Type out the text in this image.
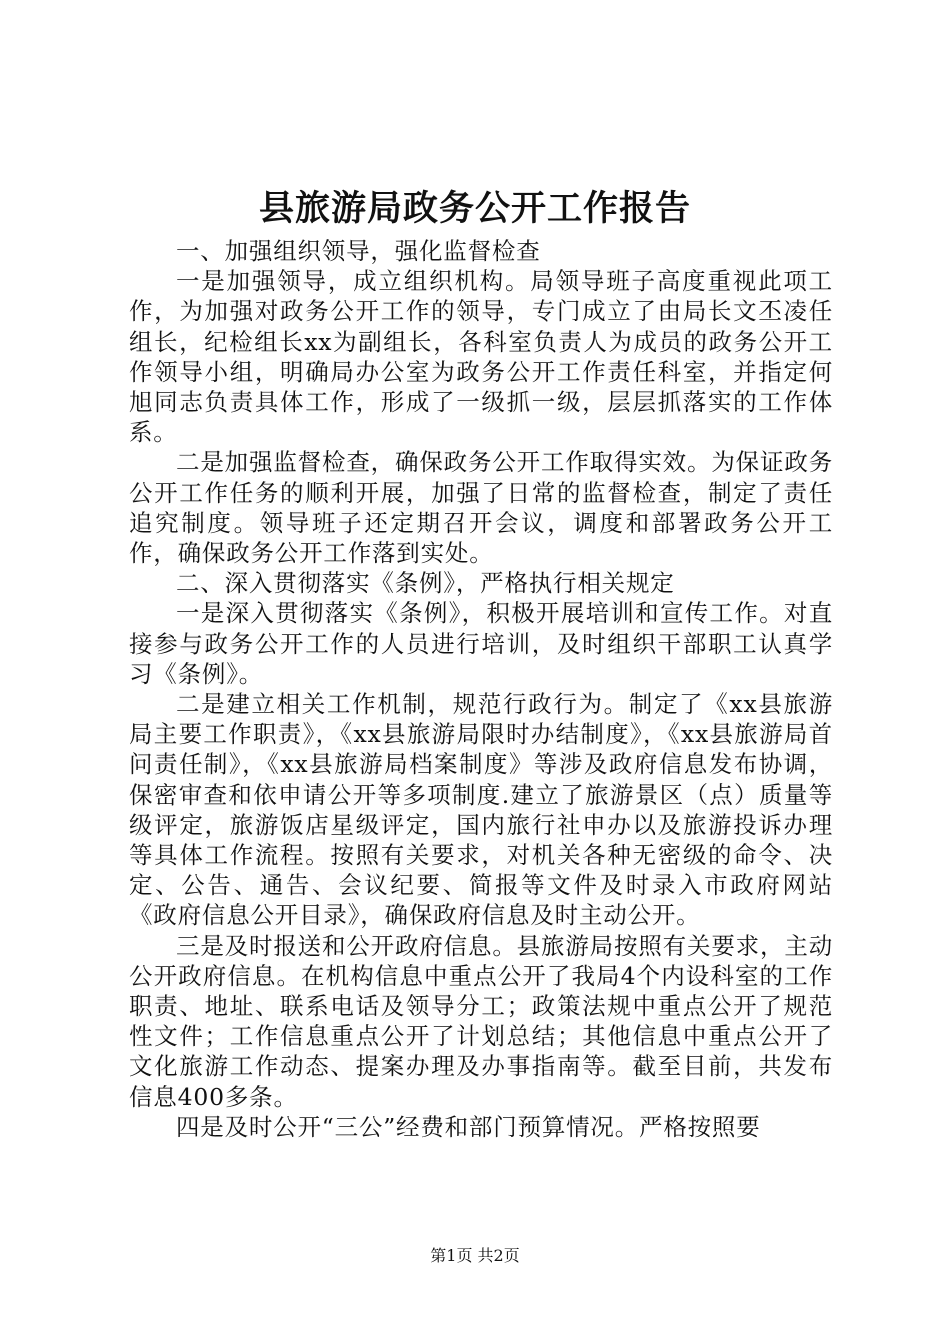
县旅游局政务公开工作报告

一、加强组织领导，强化监督检查

一是加强领导，成立组织机构。局领导班子高度重视此项工作，为加强对政务公开工作的领导，专门成立了由局长文丕凌任组长，纪检组长xx为副组长，各科室负责人为成员的政务公开工作领导小组，明确局办公室为政务公开工作责任科室，并指定何旭同志负责具体工作，形成了一级抓一级，层层抓落实的工作体系。

二是加强监督检查，确保政务公开工作取得实效。为保证政务公开工作任务的顺利开展，加强了日常的监督检查，制定了责任追究制度。领导班子还定期召开会议，调度和部署政务公开工作，确保政务公开工作落到实处。

二、深入贯彻落实《条例》，严格执行相关规定

一是深入贯彻落实《条例》，积极开展培训和宣传工作。对直接参与政务公开工作的人员进行培训，及时组织干部职工认真学习《条例》。

二是建立相关工作机制，规范行政行为。制定了《xx县旅游局主要工作职责》，《xx县旅游局限时办结制度》，《xx县旅游局首问责任制》，《xx县旅游局档案制度》等涉及政府信息发布协调，保密审查和依申请公开等多项制度.建立了旅游景区（点）质量等级评定，旅游饭店星级评定，国内旅行社申办以及旅游投诉办理等具体工作流程。按照有关要求，对机关各种无密级的命令、决定、公告、通告、会议纪要、简报等文件及时录入市政府网站《政府信息公开目录》，确保政府信息及时主动公开。

三是及时报送和公开政府信息。县旅游局按照有关要求，主动公开政府信息。在机构信息中重点公开了我局4个内设科室的工作职责、地址、联系电话及领导分工；政策法规中重点公开了规范性文件；工作信息重点公开了计划总结；其他信息中重点公开了文化旅游工作动态、提案办理及办事指南等。截至目前，共发布信息400多条。

四是及时公开“三公”经费和部门预算情况。严格按照要

第1页 共2页
